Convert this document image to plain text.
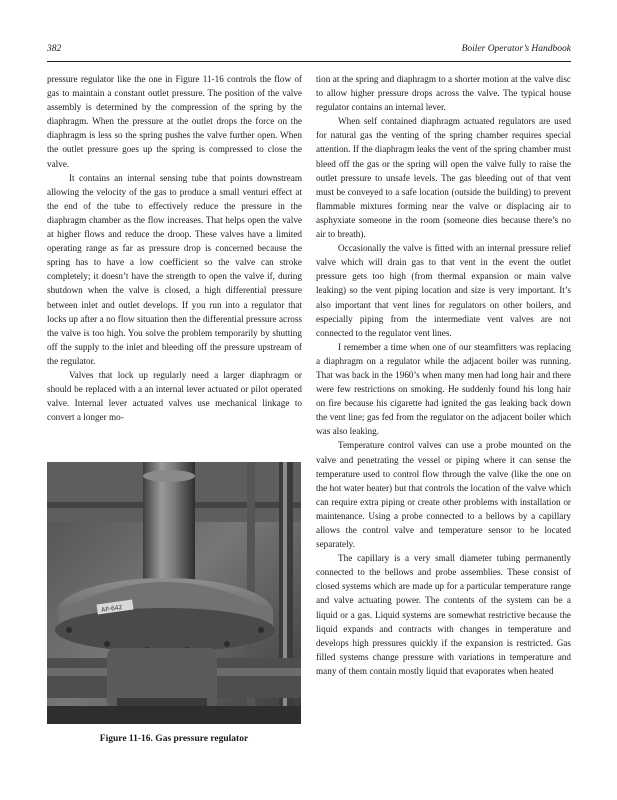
382	Boiler Operator’s Handbook

pressure regulator like the one in Figure 11-16 controls the flow of gas to maintain a constant outlet pressure. The position of the valve assembly is determined by the compression of the spring by the diaphragm. When the pressure at the outlet drops the force on the diaphragm is less so the spring pushes the valve further open. When the outlet pressure goes up the spring is compressed to close the valve.

It contains an internal sensing tube that points downstream allowing the velocity of the gas to produce a small venturi effect at the end of the tube to effectively reduce the pressure in the diaphragm chamber as the flow increases. That helps open the valve at higher flows and reduce the droop. These valves have a limited operating range as far as pressure drop is concerned because the spring has to have a low coefficient so the valve can stroke completely; it doesn’t have the strength to open the valve if, during shutdown when the valve is closed, a high differential pressure between inlet and outlet develops. If you run into a regulator that locks up after a no flow situation then the differential pressure across the valve is too high. You solve the problem temporarily by shutting off the supply to the inlet and bleeding off the pressure upstream of the regulator.

Valves that lock up regularly need a larger diaphragm or should be replaced with a an internal lever actuated or pilot operated valve. Internal lever actuated valves use mechanical linkage to convert a longer mo-

AP-642
Figure 11-16. Gas pressure regulator

tion at the spring and diaphragm to a shorter motion at the valve disc to allow higher pressure drops across the valve. The typical house regulator contains an internal lever.

When self contained diaphragm actuated regulators are used for natural gas the venting of the spring chamber requires special attention. If the diaphragm leaks the vent of the spring chamber must bleed off the gas or the spring will open the valve fully to raise the outlet pressure to unsafe levels. The gas bleeding out of that vent must be conveyed to a safe location (outside the building) to prevent flammable mixtures forming near the valve or displacing air to asphyxiate someone in the room (someone dies because there’s no air to breath).

Occasionally the valve is fitted with an internal pressure relief valve which will drain gas to that vent in the event the outlet pressure gets too high (from thermal expansion or main valve leaking) so the vent piping location and size is very important. It’s also important that vent lines for regulators on other boilers, and especially piping from the intermediate vent valves are not connected to the regulator vent lines.

I remember a time when one of our steamfitters was replacing a diaphragm on a regulator while the adjacent boiler was running. That was back in the 1960’s when many men had long hair and there were few restrictions on smoking. He suddenly found his long hair on fire because his cigarette had ignited the gas leaking back down the vent line; gas fed from the regulator on the adjacent boiler which was also leaking.

Temperature control valves can use a probe mounted on the valve and penetrating the vessel or piping where it can sense the temperature used to control flow through the valve (like the one on the hot water heater) but that controls the location of the valve which can require extra piping or create other problems with installation or maintenance. Using a probe connected to a bellows by a capillary allows the control valve and temperature sensor to be located separately.

The capillary is a very small diameter tubing permanently connected to the bellows and probe assemblies. These consist of closed systems which are made up for a particular temperature range and valve actuating power. The contents of the system can be a liquid or a gas. Liquid systems are somewhat restrictive because the liquid expands and contracts with changes in temperature and develops high pressures quickly if the expansion is restricted. Gas filled systems change pressure with variations in temperature and many of them contain mostly liquid that evaporates when heated
